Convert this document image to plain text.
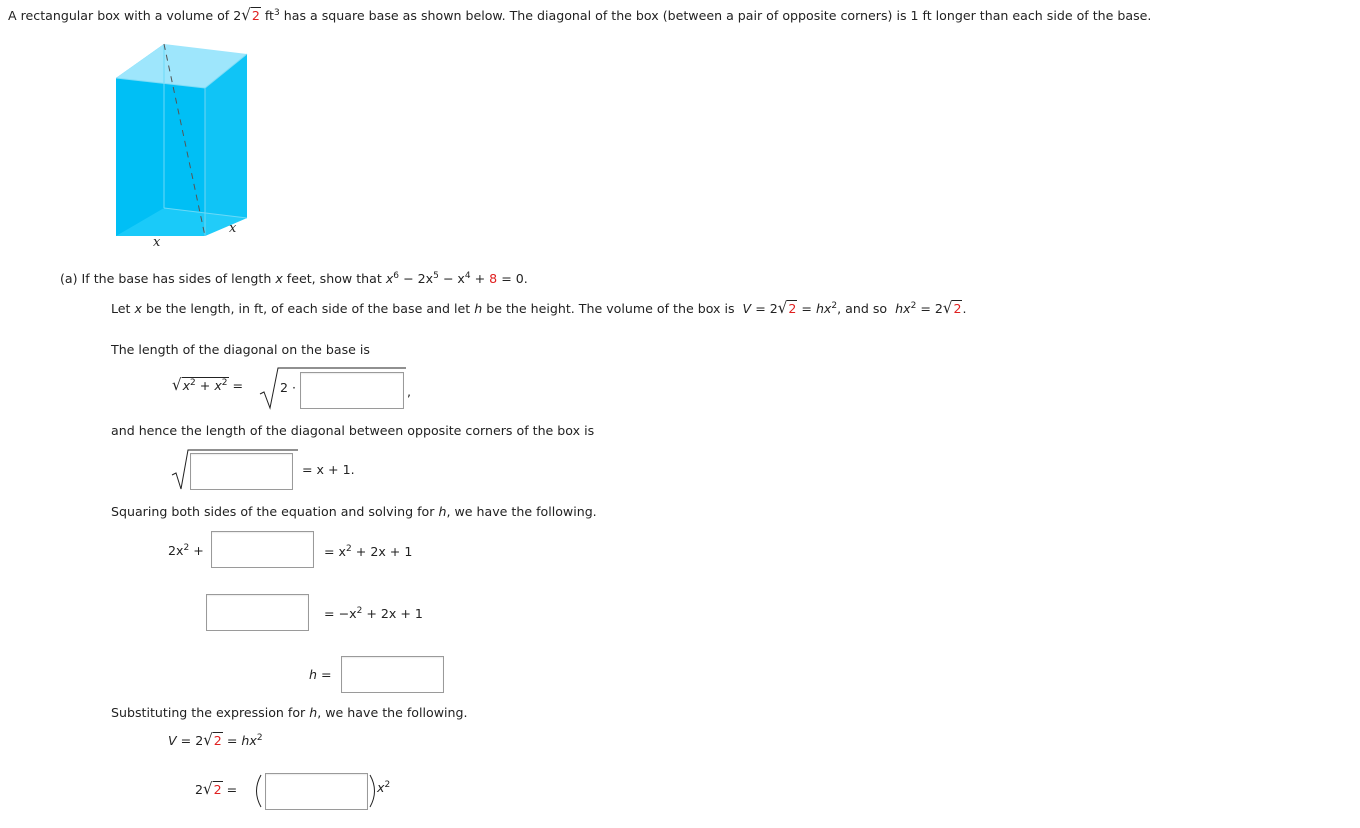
A rectangular box with a volume of 2√2 $ft^3$ has a square base as shown below. The diagonal of the box (between a pair of opposite corners) is 1 ft longer than each side of the base.
x
x
(a) If the base has sides of length x feet, show that $x^6 - 2x^5 - x^4 + 8 = 0$.
Let x be the length, in ft, of each side of the base and let h be the height. The volume of the box is $V = 2√2 = hx^2$, and so $hx^2 = 2√2$.
The length of the diagonal on the base is
$√x^2 + x^2$ =	2 ·	,
and hence the length of the diagonal between opposite corners of the box is
= x + 1.
Squaring both sides of the equation and solving for h, we have the following.
$2x^2$ +	= $x^2 + 2x + 1$
= $-x^2 + 2x + 1$
h =
Substituting the expression for h, we have the following.
$V = 2√2 = hx^2$
2√2 =	$x^2$
